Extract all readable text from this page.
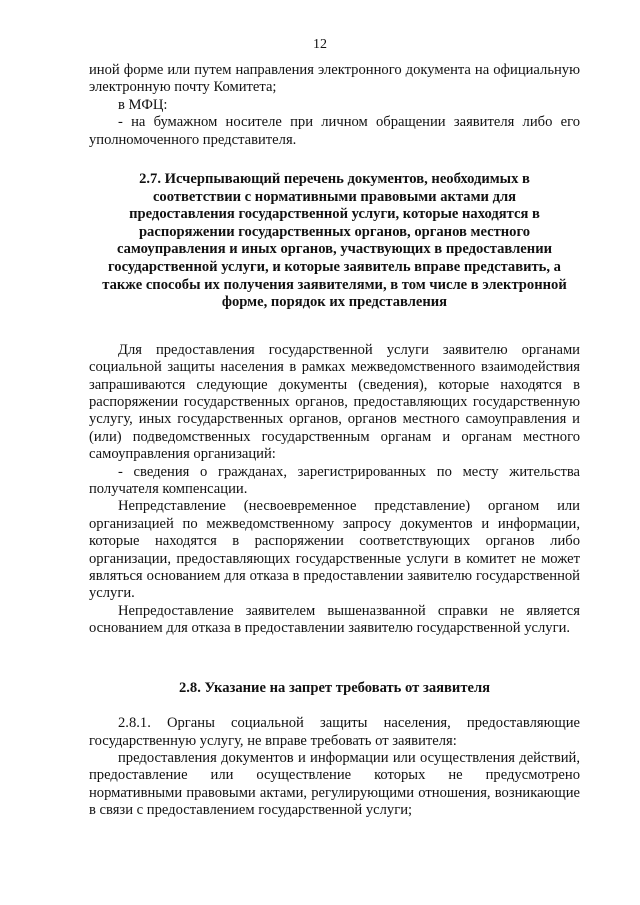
12

иной форме или путем направления электронного документа на официальную электронную почту Комитета;

в МФЦ:

- на бумажном носителе при личном обращении заявителя либо его уполномоченного представителя.

2.7. Исчерпывающий перечень документов, необходимых в соответствии с нормативными правовыми актами для предоставления государственной услуги, которые находятся в распоряжении государственных органов, органов местного самоуправления и иных органов, участвующих в предоставлении государственной услуги, и которые заявитель вправе представить, а также способы их получения заявителями, в том числе в электронной форме, порядок их представления

Для предоставления государственной услуги заявителю органами социальной защиты населения в рамках межведомственного взаимодействия запрашиваются следующие документы (сведения), которые находятся в распоряжении государственных органов, предоставляющих государственную услугу, иных государственных органов, органов местного самоуправления и (или) подведомственных государственным органам и органам местного самоуправления организаций:

- сведения о гражданах, зарегистрированных по месту жительства получателя компенсации.

Непредставление (несвоевременное представление) органом или организацией по межведомственному запросу документов и информации, которые находятся в распоряжении соответствующих органов либо организации, предоставляющих государственные услуги в комитет не может являться основанием для отказа в предоставлении заявителю государственной услуги.

Непредоставление заявителем вышеназванной справки не является основанием для отказа в предоставлении заявителю государственной услуги.

2.8. Указание на запрет требовать от заявителя

2.8.1. Органы социальной защиты населения, предоставляющие государственную услугу, не вправе требовать от заявителя:

предоставления документов и информации или осуществления действий, предоставление или осуществление которых не предусмотрено нормативными правовыми актами, регулирующими отношения, возникающие в связи с предоставлением государственной услуги;
